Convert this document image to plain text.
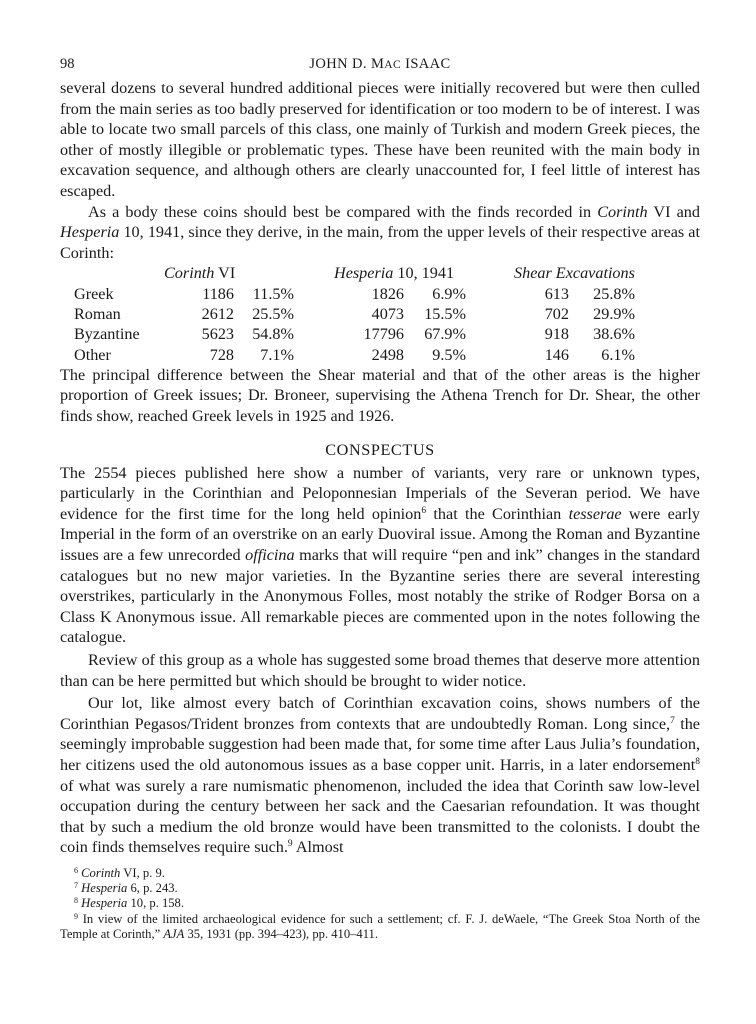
98	JOHN D. MAC ISAAC

several dozens to several hundred additional pieces were initially recovered but were then culled from the main series as too badly preserved for identification or too modern to be of interest. I was able to locate two small parcels of this class, one mainly of Turkish and modern Greek pieces, the other of mostly illegible or problematic types. These have been reunited with the main body in excavation sequence, and although others are clearly unaccounted for, I feel little of interest has escaped.

As a body these coins should best be compared with the finds recorded in Corinth VI and Hesperia 10, 1941, since they derive, in the main, from the upper levels of their respective areas at Corinth:

	Corinth VI			Hesperia 10, 1941			Shear Excavations	
Greek	1186	11.5%		1826	6.9%		613	25.8%
Roman	2612	25.5%		4073	15.5%		702	29.9%
Byzantine	5623	54.8%		17796	67.9%		918	38.6%
Other	728	7.1%		2498	9.5%		146	6.1%

The principal difference between the Shear material and that of the other areas is the higher proportion of Greek issues; Dr. Broneer, supervising the Athena Trench for Dr. Shear, the other finds show, reached Greek levels in 1925 and 1926.

CONSPECTUS

The 2554 pieces published here show a number of variants, very rare or unknown types, particularly in the Corinthian and Peloponnesian Imperials of the Severan period. We have evidence for the first time for the long held opinion$^6$ that the Corinthian tesserae were early Imperial in the form of an overstrike on an early Duoviral issue. Among the Roman and Byzantine issues are a few unrecorded officina marks that will require “pen and ink” changes in the standard catalogues but no new major varieties. In the Byzantine series there are several interesting overstrikes, particularly in the Anonymous Folles, most notably the strike of Rodger Borsa on a Class K Anonymous issue. All remarkable pieces are commented upon in the notes following the catalogue.

Review of this group as a whole has suggested some broad themes that deserve more attention than can be here permitted but which should be brought to wider notice.

Our lot, like almost every batch of Corinthian excavation coins, shows numbers of the Corinthian Pegasos/Trident bronzes from contexts that are undoubtedly Roman. Long since,$^7$ the seemingly improbable suggestion had been made that, for some time after Laus Julia’s foundation, her citizens used the old autonomous issues as a base copper unit. Harris, in a later endorsement$^8$ of what was surely a rare numismatic phenomenon, included the idea that Corinth saw low-level occupation during the century between her sack and the Caesarian refoundation. It was thought that by such a medium the old bronze would have been transmitted to the colonists. I doubt the coin finds themselves require such.$^9$ Almost

$^6$ Corinth VI, p. 9.
$^7$ Hesperia 6, p. 243.
$^8$ Hesperia 10, p. 158.
$^9$ In view of the limited archaeological evidence for such a settlement; cf. F. J. deWaele, “The Greek Stoa North of the Temple at Corinth,” AJA 35, 1931 (pp. 394–423), pp. 410–411.
